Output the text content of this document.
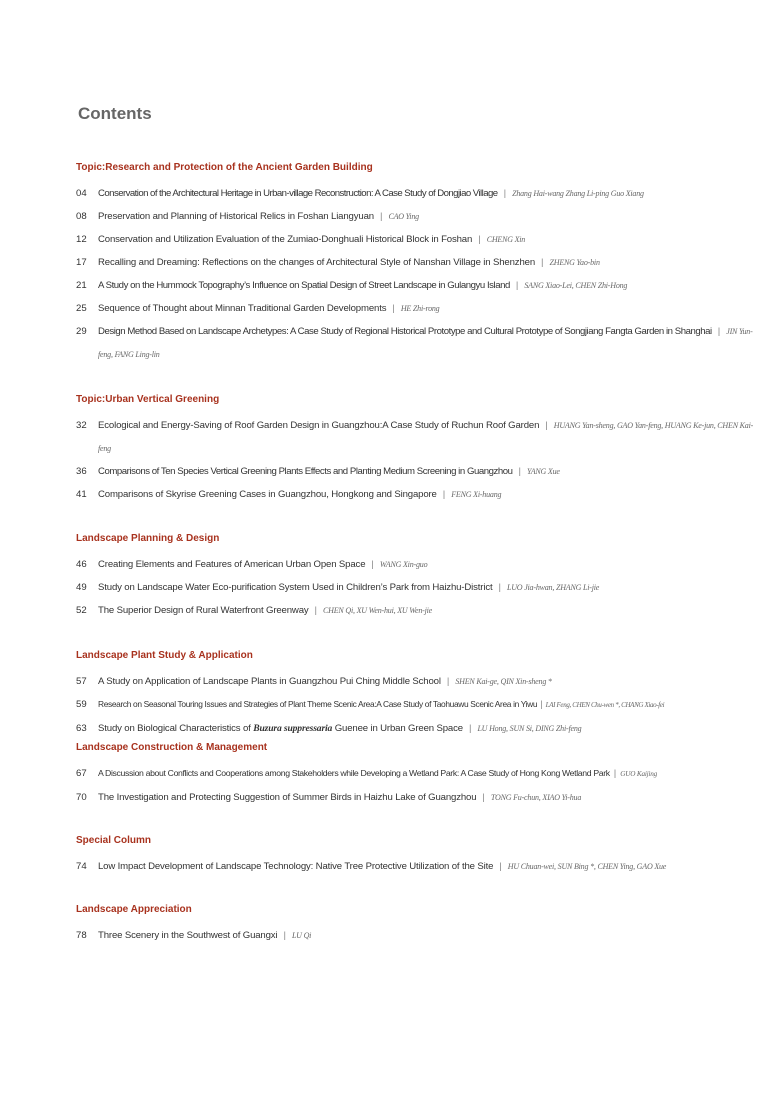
Contents
Topic:Research and Protection of the Ancient Garden Building
04	Conservation of the Architectural Heritage in Urban-village Reconstruction: A Case Study of Dongjiao Village | Zhang Hai-wang Zhang Li-ping Guo Xiang
08	Preservation and Planning of Historical Relics in Foshan Liangyuan | CAO Ying
12	Conservation and Utilization Evaluation of the Zumiao-Donghuali Historical Block in Foshan | CHENG Xin
17	Recalling and Dreaming: Reflections on the changes of Architectural Style of Nanshan Village in Shenzhen | ZHENG Yao-bin
21	A Study on the Hummock Topography’s Influence on Spatial Design of Street Landscape in Gulangyu Island | SANG Xiao-Lei, CHEN Zhi-Hong
25	Sequence of Thought about Minnan Traditional Garden Developments | HE Zhi-rong
29	Design Method Based on Landscape Archetypes: A Case Study of Regional Historical Prototype and Cultural Prototype of Songjiang Fangta Garden in Shanghai | JIN Yun-feng, FANG Ling-lin
Topic:Urban Vertical Greening
32	Ecological and Energy-Saving of Roof Garden Design in Guangzhou:A Case Study of Ruchun Roof Garden | HUANG Yan-sheng, GAO Yan-feng, HUANG Ke-jun, CHEN Kai-feng
36	Comparisons of Ten Species Vertical Greening Plants Effects and Planting Medium Screening in Guangzhou | YANG Xue
41	Comparisons of Skyrise Greening Cases in Guangzhou, Hongkong and Singapore | FENG Xi-huang
Landscape Planning & Design
46	Creating Elements and Features of American Urban Open Space | WANG Xin-guo
49	Study on Landscape Water Eco-purification System Used in Children’s Park from Haizhu-District | LUO Jia-hwan, ZHANG Li-jie
52	The Superior Design of Rural Waterfront Greenway | CHEN Qi, XU Wen-hui, XU Wen-jie
Landscape Plant Study & Application
57	A Study on Application of Landscape Plants in Guangzhou Pui Ching Middle School | SHEN Kai-ge, QIN Xin-sheng *
59	Research on Seasonal Touring Issues and Strategies of Plant Theme Scenic Area:A Case Study of Taohuawu Scenic Area in Yiwu | LAI Feng, CHEN Chu-wen *, CHANG Xiao-fei
63	Study on Biological Characteristics of Buzura suppressaria Guenee in Urban Green Space | LU Hong, SUN Si, DING Zhi-feng
Landscape Construction & Management
67	A Discussion about Conflicts and Cooperations among Stakeholders while Developing a Wetland Park: A Case Study of Hong Kong Wetland Park | GUO Kaijing
70	The Investigation and Protecting Suggestion of Summer Birds in Haizhu Lake of Guangzhou | TONG Fu-chun, XIAO Yi-hua
Special Column
74	Low Impact Development of Landscape Technology: Native Tree Protective Utilization of the Site | HU Chuan-wei, SUN Bing *, CHEN Ying, GAO Xue
Landscape Appreciation
78	Three Scenery in the Southwest of Guangxi | LU Qi
